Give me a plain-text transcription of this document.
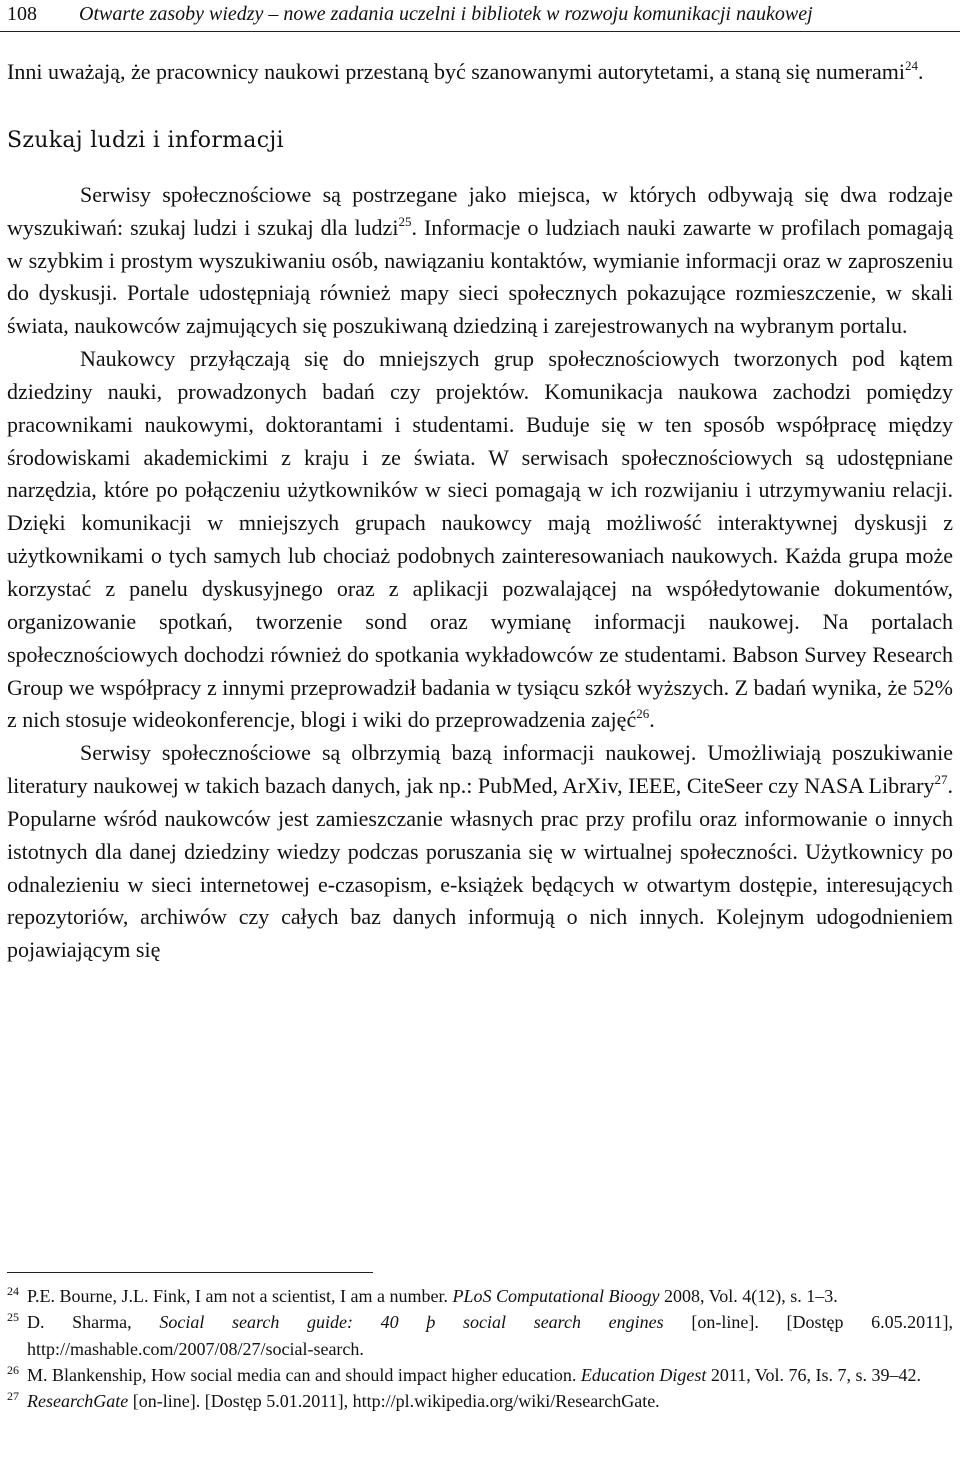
108 Otwarte zasoby wiedzy – nowe zadania uczelni i bibliotek w rozwoju komunikacji naukowej

Inni uważają, że pracownicy naukowi przestaną być szanowanymi autorytetami, a staną się numerami$^{24}$.

Szukaj ludzi i informacji

Serwisy społecznościowe są postrzegane jako miejsca, w których odbywają się dwa rodzaje wyszukiwań: szukaj ludzi i szukaj dla ludzi$^{25}$. Informacje o ludziach nauki zawarte w profilach pomagają w szybkim i prostym wyszukiwaniu osób, nawiązaniu kontaktów, wymianie informacji oraz w zaproszeniu do dyskusji. Portale udostępniają również mapy sieci społecznych pokazujące rozmieszczenie, w skali świata, naukowców zajmujących się poszukiwaną dziedziną i zarejestrowanych na wybranym portalu.

Naukowcy przyłączają się do mniejszych grup społecznościowych tworzonych pod kątem dziedziny nauki, prowadzonych badań czy projektów. Komunikacja naukowa zachodzi pomiędzy pracownikami naukowymi, doktorantami i studentami. Buduje się w ten sposób współpracę między środowiskami akademickimi z kraju i ze świata. W serwisach społecznościowych są udostępniane narzędzia, które po połączeniu użytkowników w sieci pomagają w ich rozwijaniu i utrzymywaniu relacji. Dzięki komunikacji w mniejszych grupach naukowcy mają możliwość interaktywnej dyskusji z użytkownikami o tych samych lub chociaż podobnych zainteresowaniach naukowych. Każda grupa może korzystać z panelu dyskusyjnego oraz z aplikacji pozwalającej na współedytowanie dokumentów, organizowanie spotkań, tworzenie sond oraz wymianę informacji naukowej. Na portalach społecznościowych dochodzi również do spotkania wykładowców ze studentami. Babson Survey Research Group we współpracy z innymi przeprowadził badania w tysiącu szkół wyższych. Z badań wynika, że 52% z nich stosuje wideokonferencje, blogi i wiki do przeprowadzenia zajęć$^{26}$.

Serwisy społecznościowe są olbrzymią bazą informacji naukowej. Umożliwiają poszukiwanie literatury naukowej w takich bazach danych, jak np.: PubMed, ArXiv, IEEE, CiteSeer czy NASA Library$^{27}$. Popularne wśród naukowców jest zamieszczanie własnych prac przy profilu oraz informowanie o innych istotnych dla danej dziedziny wiedzy podczas poruszania się w wirtualnej społeczności. Użytkownicy po odnalezieniu w sieci internetowej e-czasopism, e-książek będących w otwartym dostępie, interesujących repozytoriów, archiwów czy całych baz danych informują o nich innych. Kolejnym udogodnieniem pojawiającym się

$^{24}$ P.E. Bourne, J.L. Fink, I am not a scientist, I am a number. PLoS Computational Bioogy 2008, Vol. 4(12), s. 1–3.

$^{25}$ D. Sharma, Social search guide: 40 þ social search engines [on-line]. [Dostęp 6.05.2011], http://mashable.com/2007/08/27/social-search.

$^{26}$ M. Blankenship, How social media can and should impact higher education. Education Digest 2011, Vol. 76, Is. 7, s. 39–42.

$^{27}$ ResearchGate [on-line]. [Dostęp 5.01.2011], http://pl.wikipedia.org/wiki/ResearchGate.
